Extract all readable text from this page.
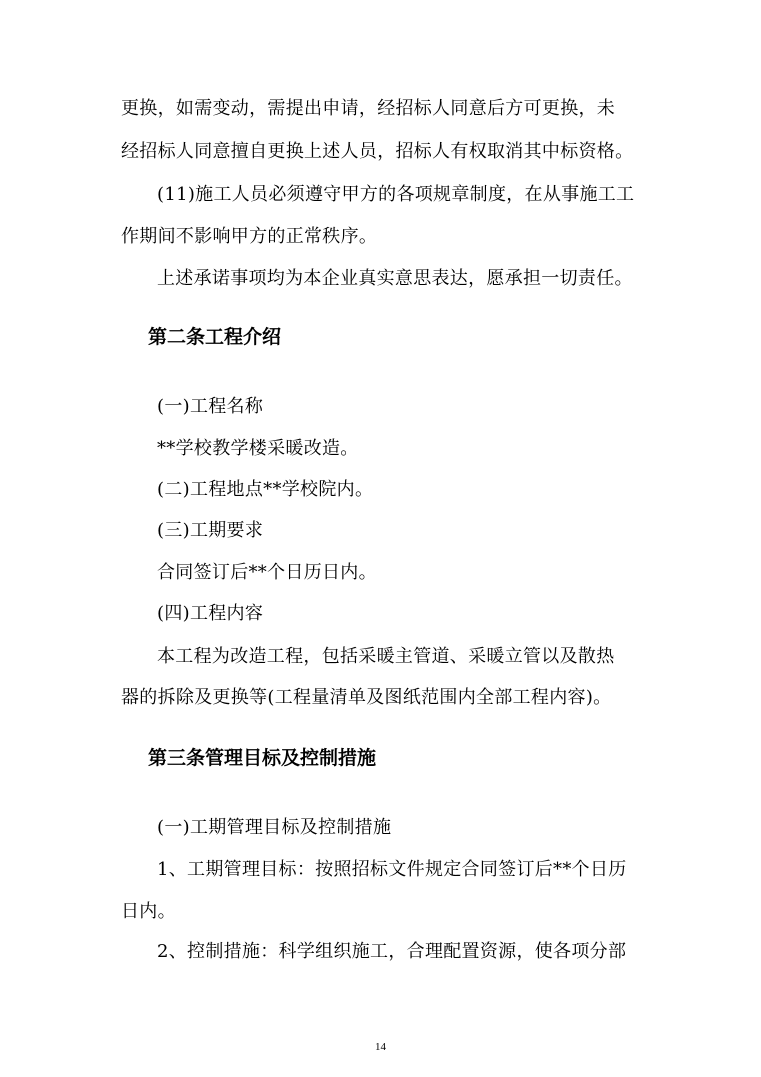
更换，如需变动，需提出申请，经招标人同意后方可更换，未
经招标人同意擅自更换上述人员，招标人有权取消其中标资格。
(11)施工人员必须遵守甲方的各项规章制度，在从事施工工
作期间不影响甲方的正常秩序。
上述承诺事项均为本企业真实意思表达，愿承担一切责任。
第二条工程介绍
(一)工程名称
**学校教学楼采暖改造。
(二)工程地点**学校院内。
(三)工期要求
合同签订后**个日历日内。
(四)工程内容
本工程为改造工程，包括采暖主管道、采暖立管以及散热
器的拆除及更换等(工程量清单及图纸范围内全部工程内容)。
第三条管理目标及控制措施
(一)工期管理目标及控制措施
1、工期管理目标：按照招标文件规定合同签订后**个日历
日内。
2、控制措施：科学组织施工，合理配置资源，使各项分部
14
